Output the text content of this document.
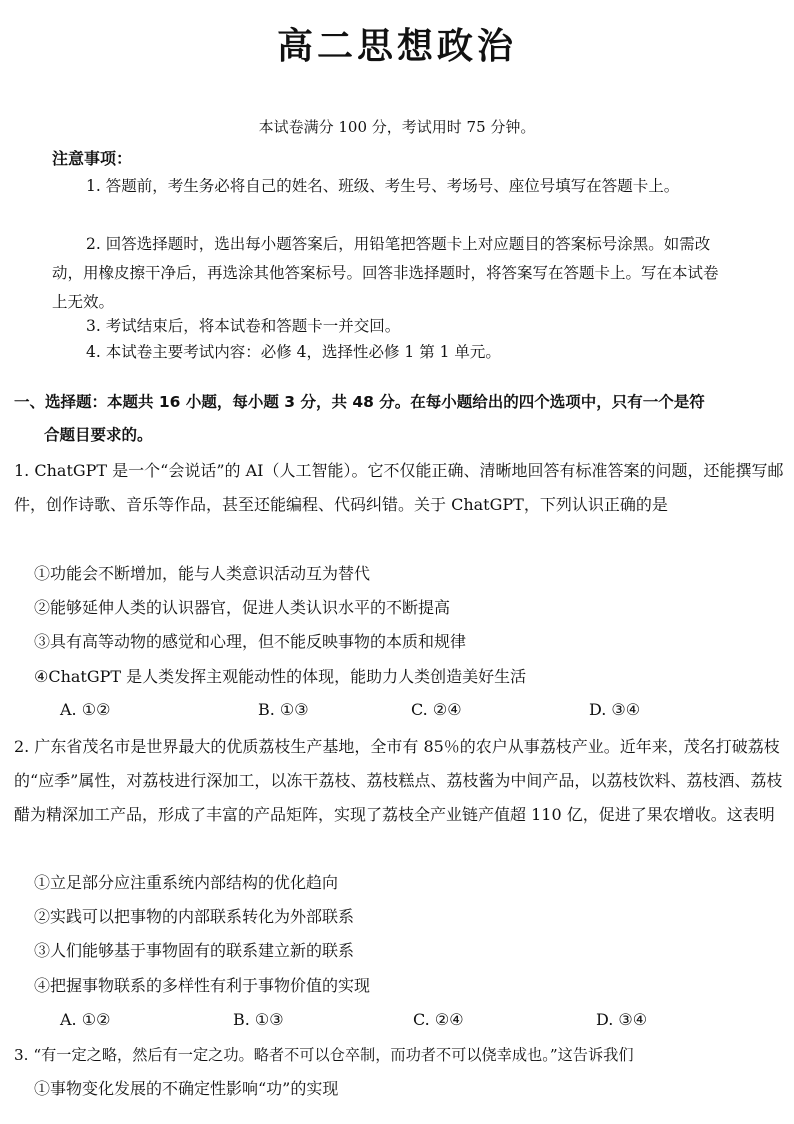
高二思想政治
本试卷满分 100 分，考试用时 75 分钟。
注意事项：
1. 答题前，考生务必将自己的姓名、班级、考生号、考场号、座位号填写在答题卡上。
2. 回答选择题时，选出每小题答案后，用铅笔把答题卡上对应题目的答案标号涂黑。如需改动，用橡皮擦干净后，再选涂其他答案标号。回答非选择题时，将答案写在答题卡上。写在本试卷上无效。
3. 考试结束后，将本试卷和答题卡一并交回。
4. 本试卷主要考试内容：必修 4，选择性必修 1 第 1 单元。
一、选择题：本题共 16 小题，每小题 3 分，共 48 分。在每小题给出的四个选项中，只有一个是符
合题目要求的。
1. ChatGPT 是一个“会说话”的 AI（人工智能）。它不仅能正确、清晰地回答有标准答案的问题，还能撰写邮件，创作诗歌、音乐等作品，甚至还能编程、代码纠错。关于 ChatGPT，下列认识正确的是
①功能会不断增加，能与人类意识活动互为替代
②能够延伸人类的认识器官，促进人类认识水平的不断提高
③具有高等动物的感觉和心理，但不能反映事物的本质和规律
④ChatGPT 是人类发挥主观能动性的体现，能助力人类创造美好生活
A. ①②	B. ①③	C. ②④	D. ③④
2. 广东省茂名市是世界最大的优质荔枝生产基地，全市有 85％的农户从事荔枝产业。近年来，茂名打破荔枝的“应季”属性，对荔枝进行深加工，以冻干荔枝、荔枝糕点、荔枝酱为中间产品，以荔枝饮料、荔枝酒、荔枝醋为精深加工产品，形成了丰富的产品矩阵，实现了荔枝全产业链产值超 110 亿，促进了果农增收。这表明
①立足部分应注重系统内部结构的优化趋向
②实践可以把事物的内部联系转化为外部联系
③人们能够基于事物固有的联系建立新的联系
④把握事物联系的多样性有利于事物价值的实现
A. ①②	B. ①③	C. ②④	D. ③④
3. “有一定之略，然后有一定之功。略者不可以仓卒制，而功者不可以侥幸成也。”这告诉我们
①事物变化发展的不确定性影响“功”的实现
